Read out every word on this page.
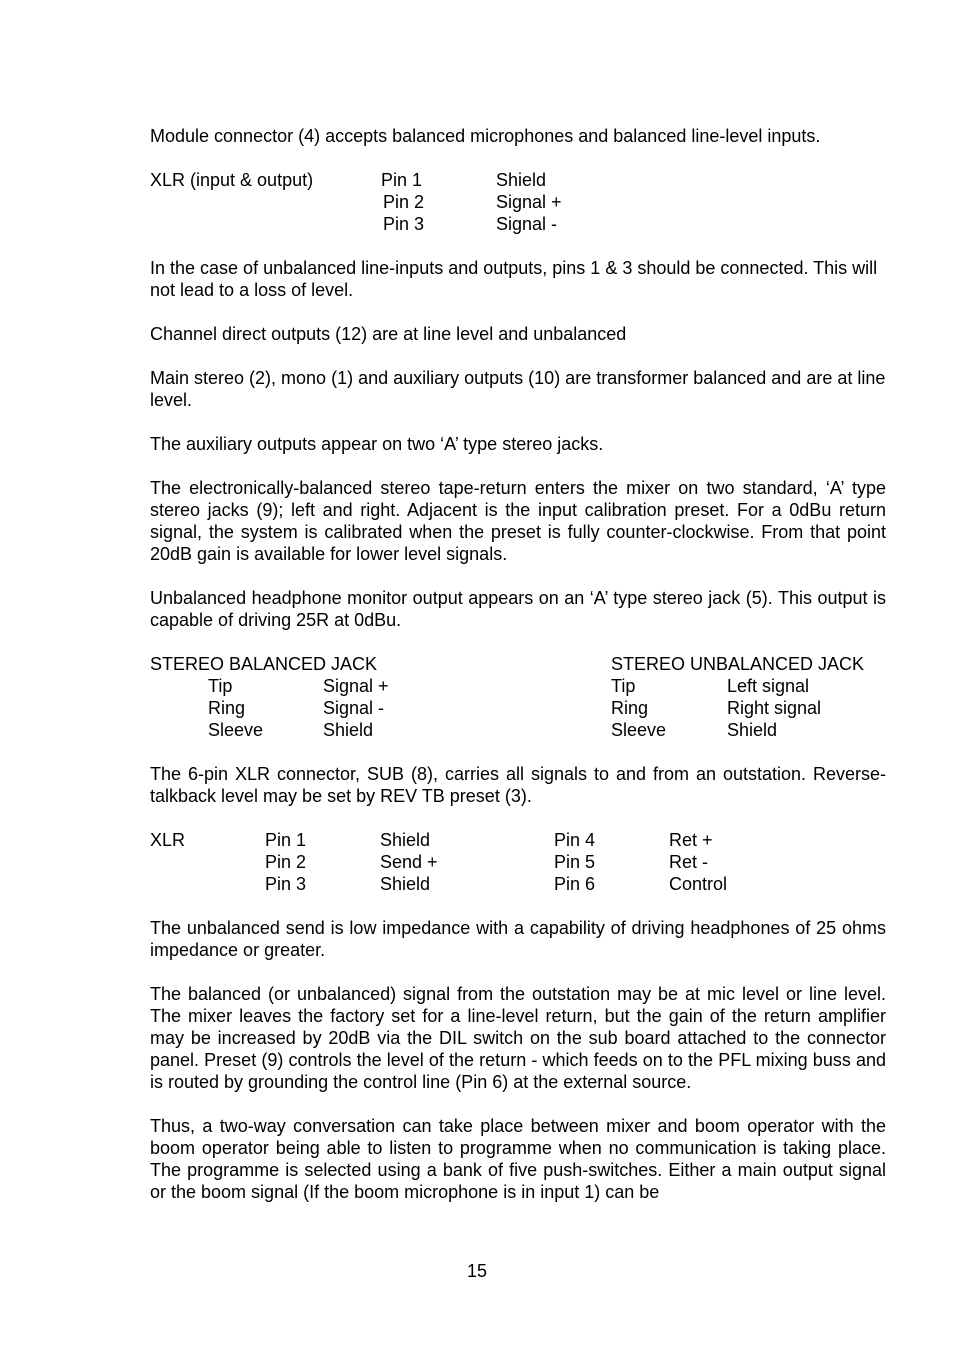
Module connector (4) accepts balanced microphones and balanced line-level inputs.

XLR (input & output)	Pin 1	Shield
Pin 2	Signal +
Pin 3	Signal -

In the case of unbalanced line-inputs and outputs, pins 1 & 3 should be connected. This will not lead to a loss of level.

Channel direct outputs (12) are at line level and unbalanced

Main stereo (2), mono (1) and auxiliary outputs (10) are transformer balanced and are at line level.

The auxiliary outputs appear on two ‘A’ type stereo jacks.

The electronically-balanced stereo tape-return enters the mixer on two standard, ‘A’ type stereo jacks (9); left and right. Adjacent is the input calibration preset. For a 0dBu return signal, the system is calibrated when the preset is fully counter-clockwise. From that point 20dB gain is available for lower level signals.

Unbalanced headphone monitor output appears on an ‘A’ type stereo jack (5). This output is capable of driving 25R at 0dBu.

STEREO BALANCED JACK	STEREO UNBALANCED JACK
Tip	Signal +	Tip	Left signal
Ring	Signal -	Ring	Right signal
Sleeve	Shield	Sleeve	Shield

The 6-pin XLR connector, SUB (8), carries all signals to and from an outstation. Reverse-talkback level may be set by REV TB preset (3).

XLR	Pin 1	Shield	Pin 4	Ret +
Pin 2	Send +	Pin 5	Ret -
Pin 3	Shield	Pin 6	Control

The unbalanced send is low impedance with a capability of driving headphones of 25 ohms impedance or greater.

The balanced (or unbalanced) signal from the outstation may be at mic level or line level. The mixer leaves the factory set for a line-level return, but the gain of the return amplifier may be increased by 20dB via the DIL switch on the sub board attached to the connector panel. Preset (9) controls the level of the return - which feeds on to the PFL mixing buss and is routed by grounding the control line (Pin 6) at the external source.

Thus, a two-way conversation can take place between mixer and boom operator with the boom operator being able to listen to programme when no communication is taking place. The programme is selected using a bank of five push-switches. Either a main output signal or the boom signal (If the boom microphone is in input 1) can be

15
